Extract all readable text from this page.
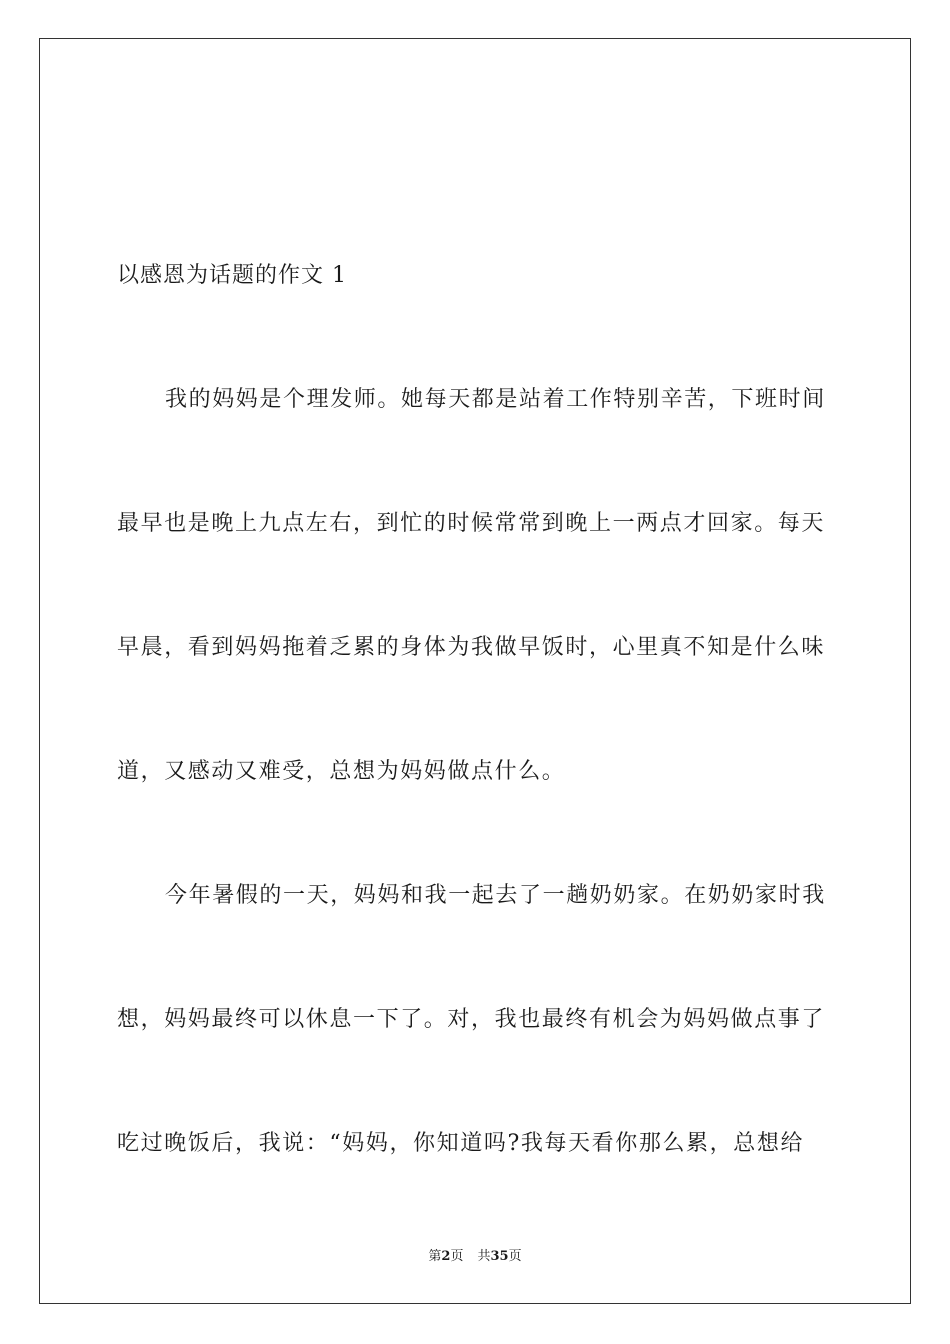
以感恩为话题的作文 1
我的妈妈是个理发师。她每天都是站着工作特别辛苦，下班时间
最早也是晚上九点左右，到忙的时候常常到晚上一两点才回家。每天
早晨，看到妈妈拖着乏累的身体为我做早饭时，心里真不知是什么味
道，又感动又难受，总想为妈妈做点什么。
今年暑假的一天，妈妈和我一起去了一趟奶奶家。在奶奶家时我
想，妈妈最终可以休息一下了。对，我也最终有机会为妈妈做点事了
吃过晚饭后，我说：“妈妈，你知道吗?我每天看你那么累，总想给
第2页 共35页
